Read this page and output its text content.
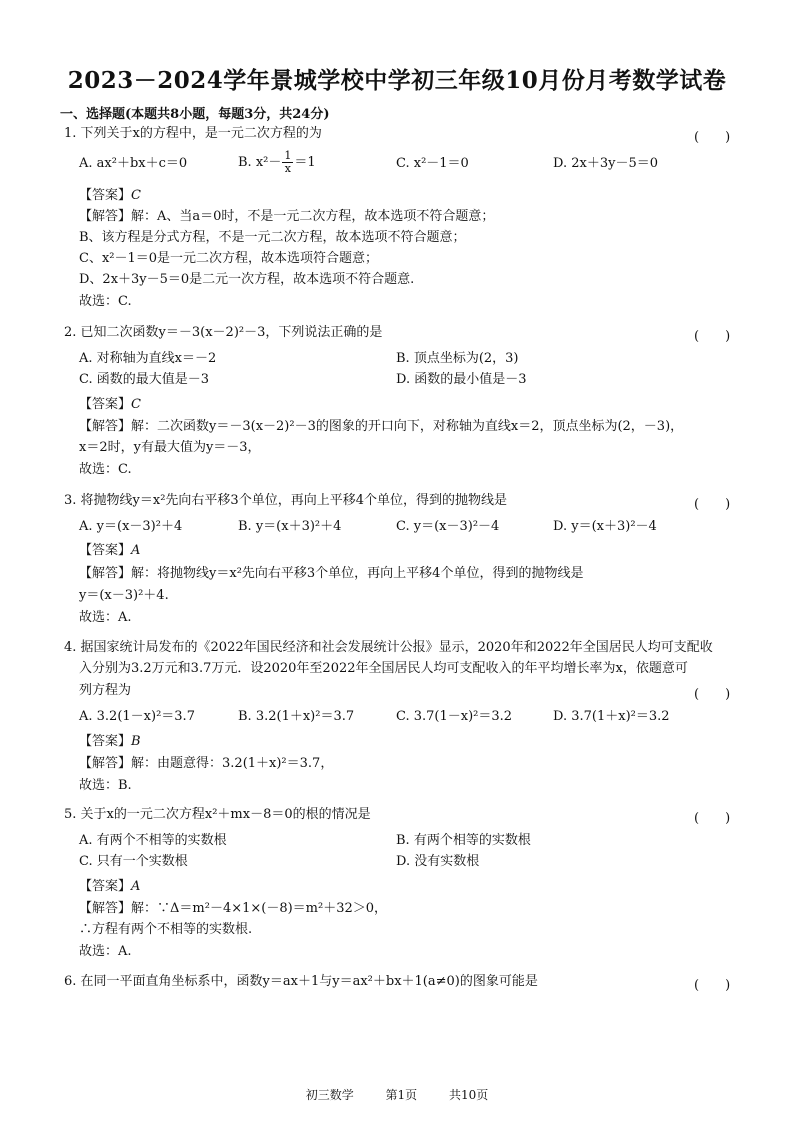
2023－2024学年景城学校中学初三年级10月份月考数学试卷
一、选择题(本题共8小题，每题3分，共24分)
1. 下列关于x的方程中，是一元二次方程的为	(　　)
A. ax²＋bx＋c＝0	B. $x^2- \frac{1}{x} =1$	C. x²－1＝0	D. 2x＋3y－5＝0
【答案】C
【解答】解：A、当a＝0时，不是一元二次方程，故本选项不符合题意；
B、该方程是分式方程，不是一元二次方程，故本选项不符合题意；
C、x²－1＝0是一元二次方程，故本选项符合题意；
D、2x＋3y－5＝0是二元一次方程，故本选项不符合题意.
故选：C.
2. 已知二次函数y＝－3(x－2)²－3，下列说法正确的是	(　　)
A. 对称轴为直线x＝－2	B. 顶点坐标为(2，3)
C. 函数的最大值是－3	D. 函数的最小值是－3
【答案】C
【解答】解：二次函数y＝－3(x－2)²－3的图象的开口向下，对称轴为直线x＝2，顶点坐标为(2，－3)，
x＝2时，y有最大值为y＝－3，
故选：C.
3. 将抛物线y＝x²先向右平移3个单位，再向上平移4个单位，得到的抛物线是	(　　)
A. y＝(x－3)²＋4	B. y＝(x＋3)²＋4	C. y＝(x－3)²－4	D. y＝(x＋3)²－4
【答案】A
【解答】解：将抛物线y＝x²先向右平移3个单位，再向上平移4个单位，得到的抛物线是
y＝(x－3)²＋4.
故选：A.
4. 据国家统计局发布的《2022年国民经济和社会发展统计公报》显示，2020年和2022年全国居民人均可支配收
入分别为3.2万元和3.7万元．设2020年至2022年全国居民人均可支配收入的年平均增长率为x，依题意可
列方程为	(　　)
A. 3.2(1－x)²＝3.7	B. 3.2(1＋x)²＝3.7	C. 3.7(1－x)²＝3.2	D. 3.7(1＋x)²＝3.2
【答案】B
【解答】解：由题意得：3.2(1＋x)²＝3.7，
故选：B.
5. 关于x的一元二次方程x²＋mx－8＝0的根的情况是	(　　)
A. 有两个不相等的实数根	B. 有两个相等的实数根
C. 只有一个实数根	D. 没有实数根
【答案】A
【解答】解：∵Δ＝m²－4×1×(－8)＝m²＋32＞0，
∴方程有两个不相等的实数根.
故选：A.
6. 在同一平面直角坐标系中，函数y＝ax＋1与y＝ax²＋bx＋1(a≠0)的图象可能是	(　　)
初三数学	第1页	共10页
